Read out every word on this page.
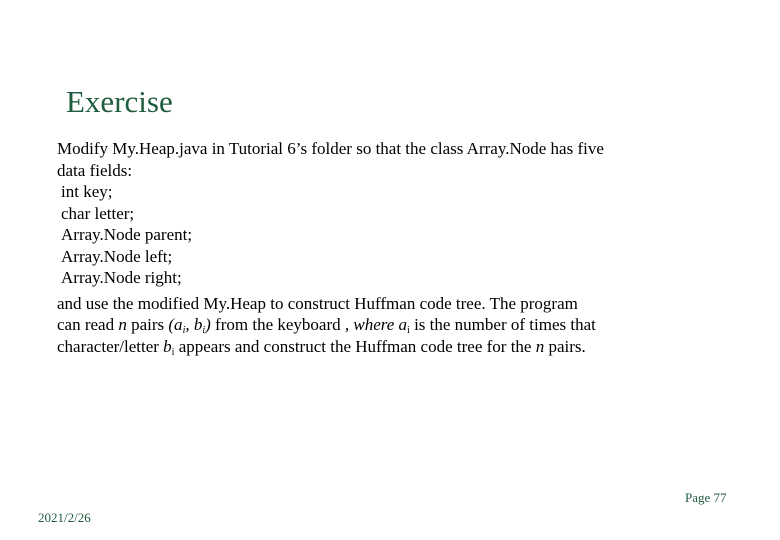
Exercise
Modify My.Heap.java in Tutorial 6’s folder so that the class Array.Node has five
data fields:
int key;
char letter;
Array.Node parent;
Array.Node left;
Array.Node right;
and use the modified My.Heap to construct Huffman code tree. The program
can read n pairs ($a_i$, $b_i$) from the keyboard , where $a_i$ is the number of times that
character/letter $b_i$ appears and construct the Huffman code tree for the n pairs.
Page 77
2021/2/26
